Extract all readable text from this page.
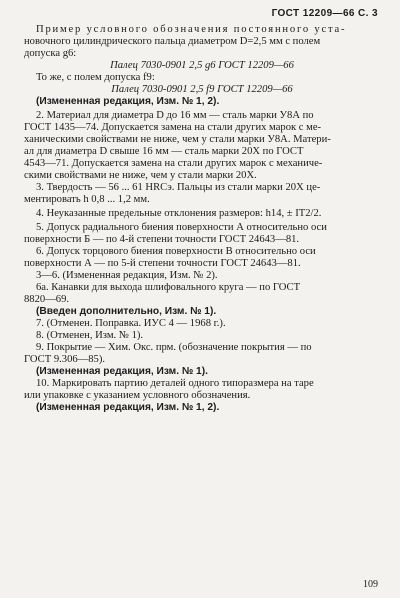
ГОСТ 12209—66 С. 3

Пример условного обозначения постоянного уста-

новочного цилиндрического пальца диаметром D=2,5 мм с полем

допуска g6:

Палец 7030-0901 2,5 g6 ГОСТ 12209—66

То же, с полем допуска f9:

Палец 7030-0901 2,5 f9 ГОСТ 12209—66

(Измененная редакция, Изм. № 1, 2).

2. Материал для диаметра D до 16 мм — сталь марки У8А по

ГОСТ 1435—74. Допускается замена на стали других марок с ме-

ханическими свойствами не ниже, чем у стали марки У8А. Матери-

ал для диаметра D свыше 16 мм — сталь марки 20Х по ГОСТ

4543—71. Допускается замена на стали других марок с механиче-

скими свойствами не ниже, чем у стали марки 20Х.

3. Твердость — 56 ... 61 HRCэ. Пальцы из стали марки 20Х це-

ментировать h 0,8 ... 1,2 мм.

4. Неуказанные предельные отклонения размеров: h14, ± IT2/2.

5. Допуск радиального биения поверхности А относительно оси

поверхности Б — по 4-й степени точности ГОСТ 24643—81.

6. Допуск торцового биения поверхности В относительно оси

поверхности А — по 5-й степени точности ГОСТ 24643—81.

3—6. (Измененная редакция, Изм. № 2).

6а. Канавки для выхода шлифовального круга — по ГОСТ

8820—69.

(Введен дополнительно, Изм. № 1).

7. (Отменен. Поправка. ИУС 4 — 1968 г.).

8. (Отменен, Изм. № 1).

9. Покрытие — Хим. Окс. прм. (обозначение покрытия — по

ГОСТ 9.306—85).

(Измененная редакция, Изм. № 1).

10. Маркировать партию деталей одного типоразмера на таре

или упаковке с указанием условного обозначения.

(Измененная редакция, Изм. № 1, 2).

109
